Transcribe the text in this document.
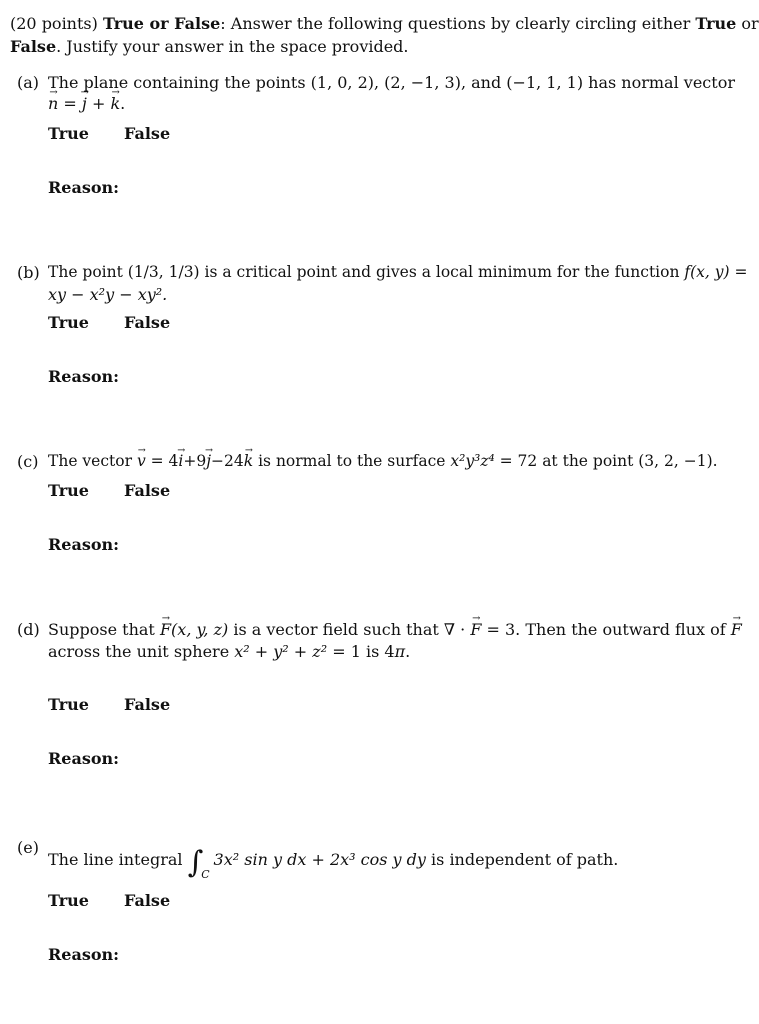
(20 points) True or False: Answer the following questions by clearly circling either True or
False. Justify your answer in the space provided.
(a) The plane containing the points (1, 0, 2), (2, −1, 3), and (−1, 1, 1) has normal vector
→ n = → j + → k.
True False
Reason:
(b) The point (1/3, 1/3) is a critical point and gives a local minimum for the function f(x, y) =
xy − x²y − xy².
True False
Reason:
(c) The vector → v = 4→ i+9→ j−24→ k is normal to the surface x²y³z⁴ = 72 at the point (3, 2, −1).
True False
Reason:
(d) Suppose that → F(x, y, z) is a vector field such that ∇ · → F = 3. Then the outward flux of → F
across the unit sphere x² + y² + z² = 1 is 4π.
True False
Reason:
(e)
The line integral $\int_C3x^2$ sin y dx + 2x³ cos y dy is independent of path.
True False
Reason:
